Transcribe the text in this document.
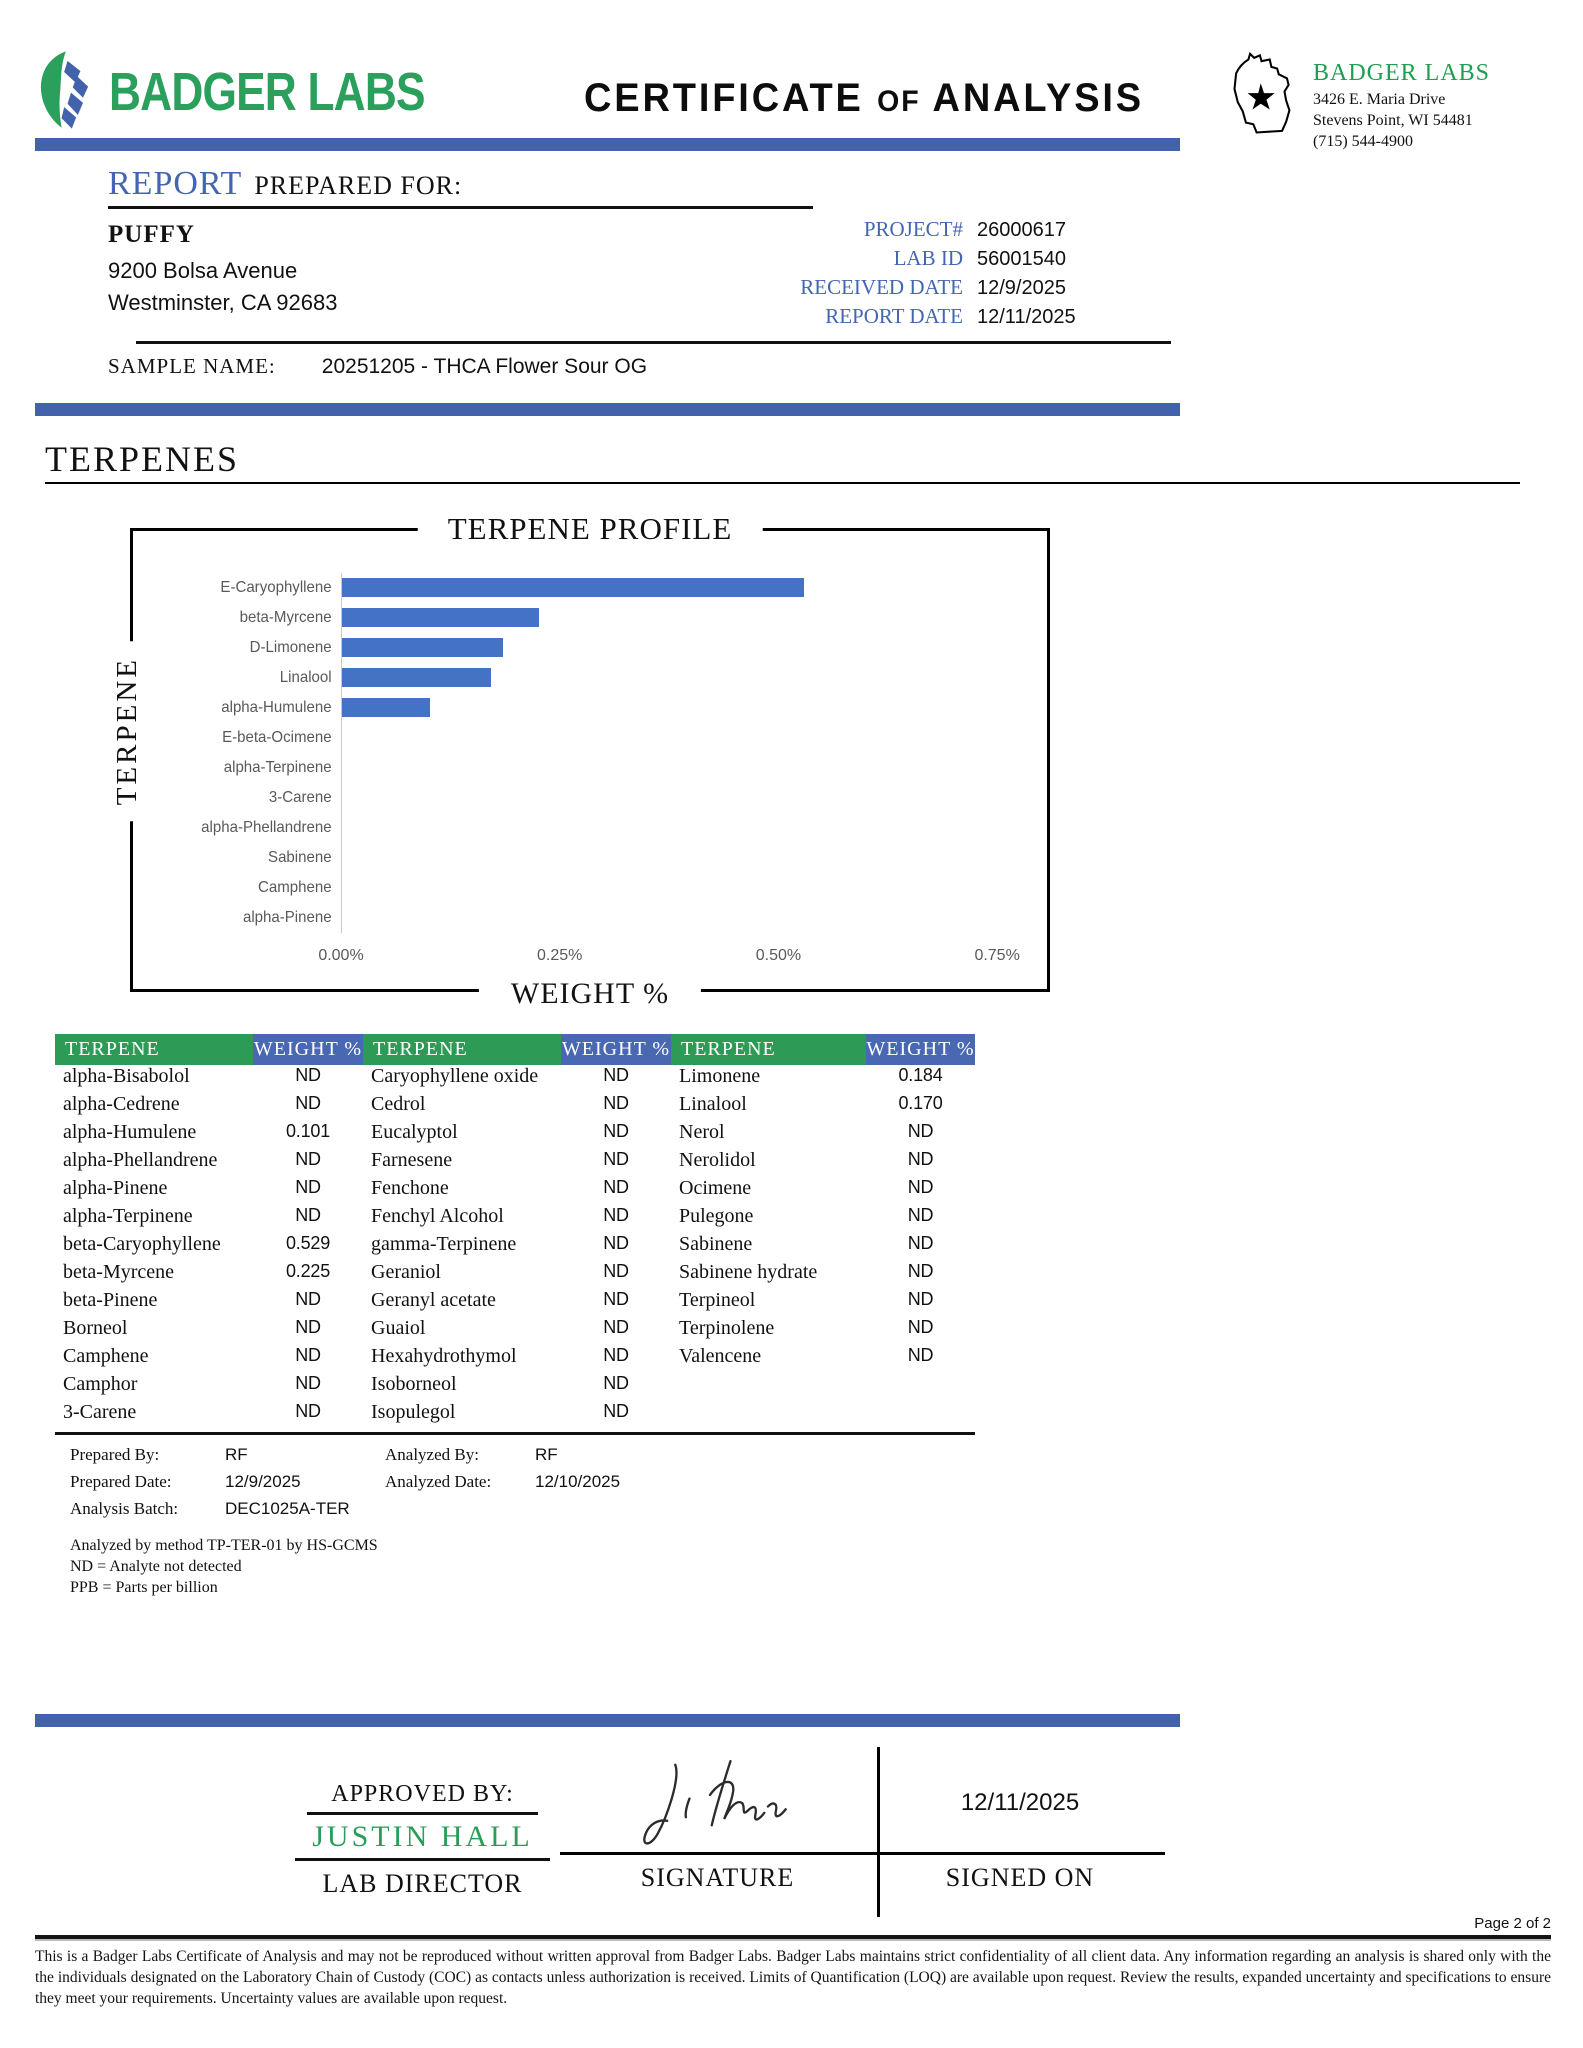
BADGER LABS	CERTIFICATE OF ANALYSIS
BADGER LABS
3426 E. Maria Drive
Stevens Point, WI 54481
(715) 544-4900
REPORT PREPARED FOR:
PUFFY
9200 Bolsa Avenue
Westminster, CA 92683
PROJECT# 26000617
LAB ID 56001540
RECEIVED DATE 12/9/2025
REPORT DATE 12/11/2025
SAMPLE NAME: 20251205 - THCA Flower Sour OG
TERPENES
TERPENE PROFILE
TERPENE
E-Caryophyllene
beta-Myrcene
D-Limonene
Linalool
alpha-Humulene
E-beta-Ocimene
alpha-Terpinene
3-Carene
alpha-Phellandrene
Sabinene
Camphene
alpha-Pinene
0.00%	0.25%	0.50%	0.75%
WEIGHT %
TERPENE	WEIGHT % TERPENE	WEIGHT % TERPENE	WEIGHT %
alpha-Bisabolol	ND	Caryophyllene oxide	ND	Limonene	0.184
alpha-Cedrene	ND	Cedrol	ND	Linalool	0.170
alpha-Humulene	0.101	Eucalyptol	ND	Nerol	ND
alpha-Phellandrene	ND	Farnesene	ND	Nerolidol	ND
alpha-Pinene	ND	Fenchone	ND	Ocimene	ND
alpha-Terpinene	ND	Fenchyl Alcohol	ND	Pulegone	ND
beta-Caryophyllene	0.529	gamma-Terpinene	ND	Sabinene	ND
beta-Myrcene	0.225	Geraniol	ND	Sabinene hydrate	ND
beta-Pinene	ND	Geranyl acetate	ND	Terpineol	ND
Borneol	ND	Guaiol	ND	Terpinolene	ND
Camphene	ND	Hexahydrothymol	ND	Valencene	ND
Camphor	ND	Isoborneol	ND
3-Carene	ND	Isopulegol	ND
Prepared By:	RF	Analyzed By:	RF
Prepared Date:	12/9/2025	Analyzed Date:	12/10/2025
Analysis Batch:	DEC1025A-TER
Analyzed by method TP-TER-01 by HS-GCMS
ND = Analyte not detected
PPB = Parts per billion
APPROVED BY:
JUSTIN HALL
LAB DIRECTOR	SIGNATURE
12/11/2025
SIGNED ON
Page 2 of 2
This is a Badger Labs Certificate of Analysis and may not be reproduced without written approval from Badger Labs. Badger Labs maintains strict confidentiality of all client data. Any information regarding an analysis is shared only with the the individuals designated on the Laboratory Chain of Custody (COC) as contacts unless authorization is received. Limits of Quantification (LOQ) are available upon request. Review the results, expanded uncertainty and specifications to ensure they meet your requirements. Uncertainty values are available upon request.
